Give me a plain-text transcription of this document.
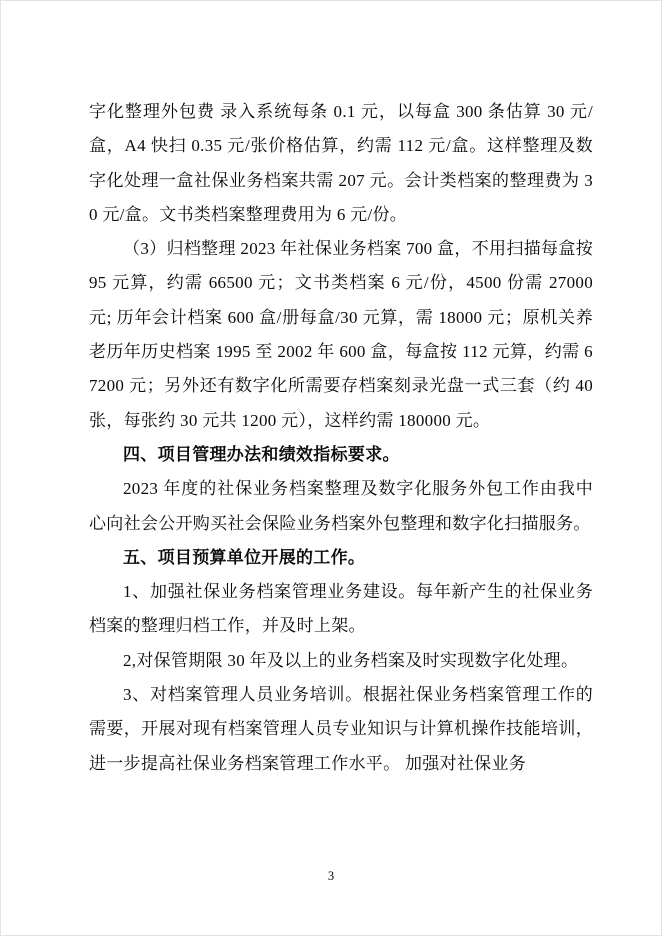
字化整理外包费 录入系统每条 0.1 元，以每盒 300 条估算 30 元/盒，A4 快扫 0.35 元/张价格估算，约需 112 元/盒。这样整理及数字化处理一盒社保业务档案共需 207 元。会计类档案的整理费为 30 元/盒。文书类档案整理费用为 6 元/份。

（3）归档整理 2023 年社保业务档案 700 盒，不用扫描每盒按 95 元算，约需 66500 元；文书类档案 6 元/份，4500 份需 27000 元; 历年会计档案 600 盒/册每盒/30 元算，需 18000 元；原机关养老历年历史档案 1995 至 2002 年 600 盒，每盒按 112 元算，约需 67200 元；另外还有数字化所需要存档案刻录光盘一式三套（约 40 张，每张约 30 元共 1200 元），这样约需 180000 元。

四、项目管理办法和绩效指标要求。

2023 年度的社保业务档案整理及数字化服务外包工作由我中心向社会公开购买社会保险业务档案外包整理和数字化扫描服务。

五、项目预算单位开展的工作。

1、加强社保业务档案管理业务建设。每年新产生的社保业务档案的整理归档工作，并及时上架。

2,对保管期限 30 年及以上的业务档案及时实现数字化处理。

3、对档案管理人员业务培训。根据社保业务档案管理工作的需要，开展对现有档案管理人员专业知识与计算机操作技能培训，进一步提高社保业务档案管理工作水平。 加强对社保业务

3
